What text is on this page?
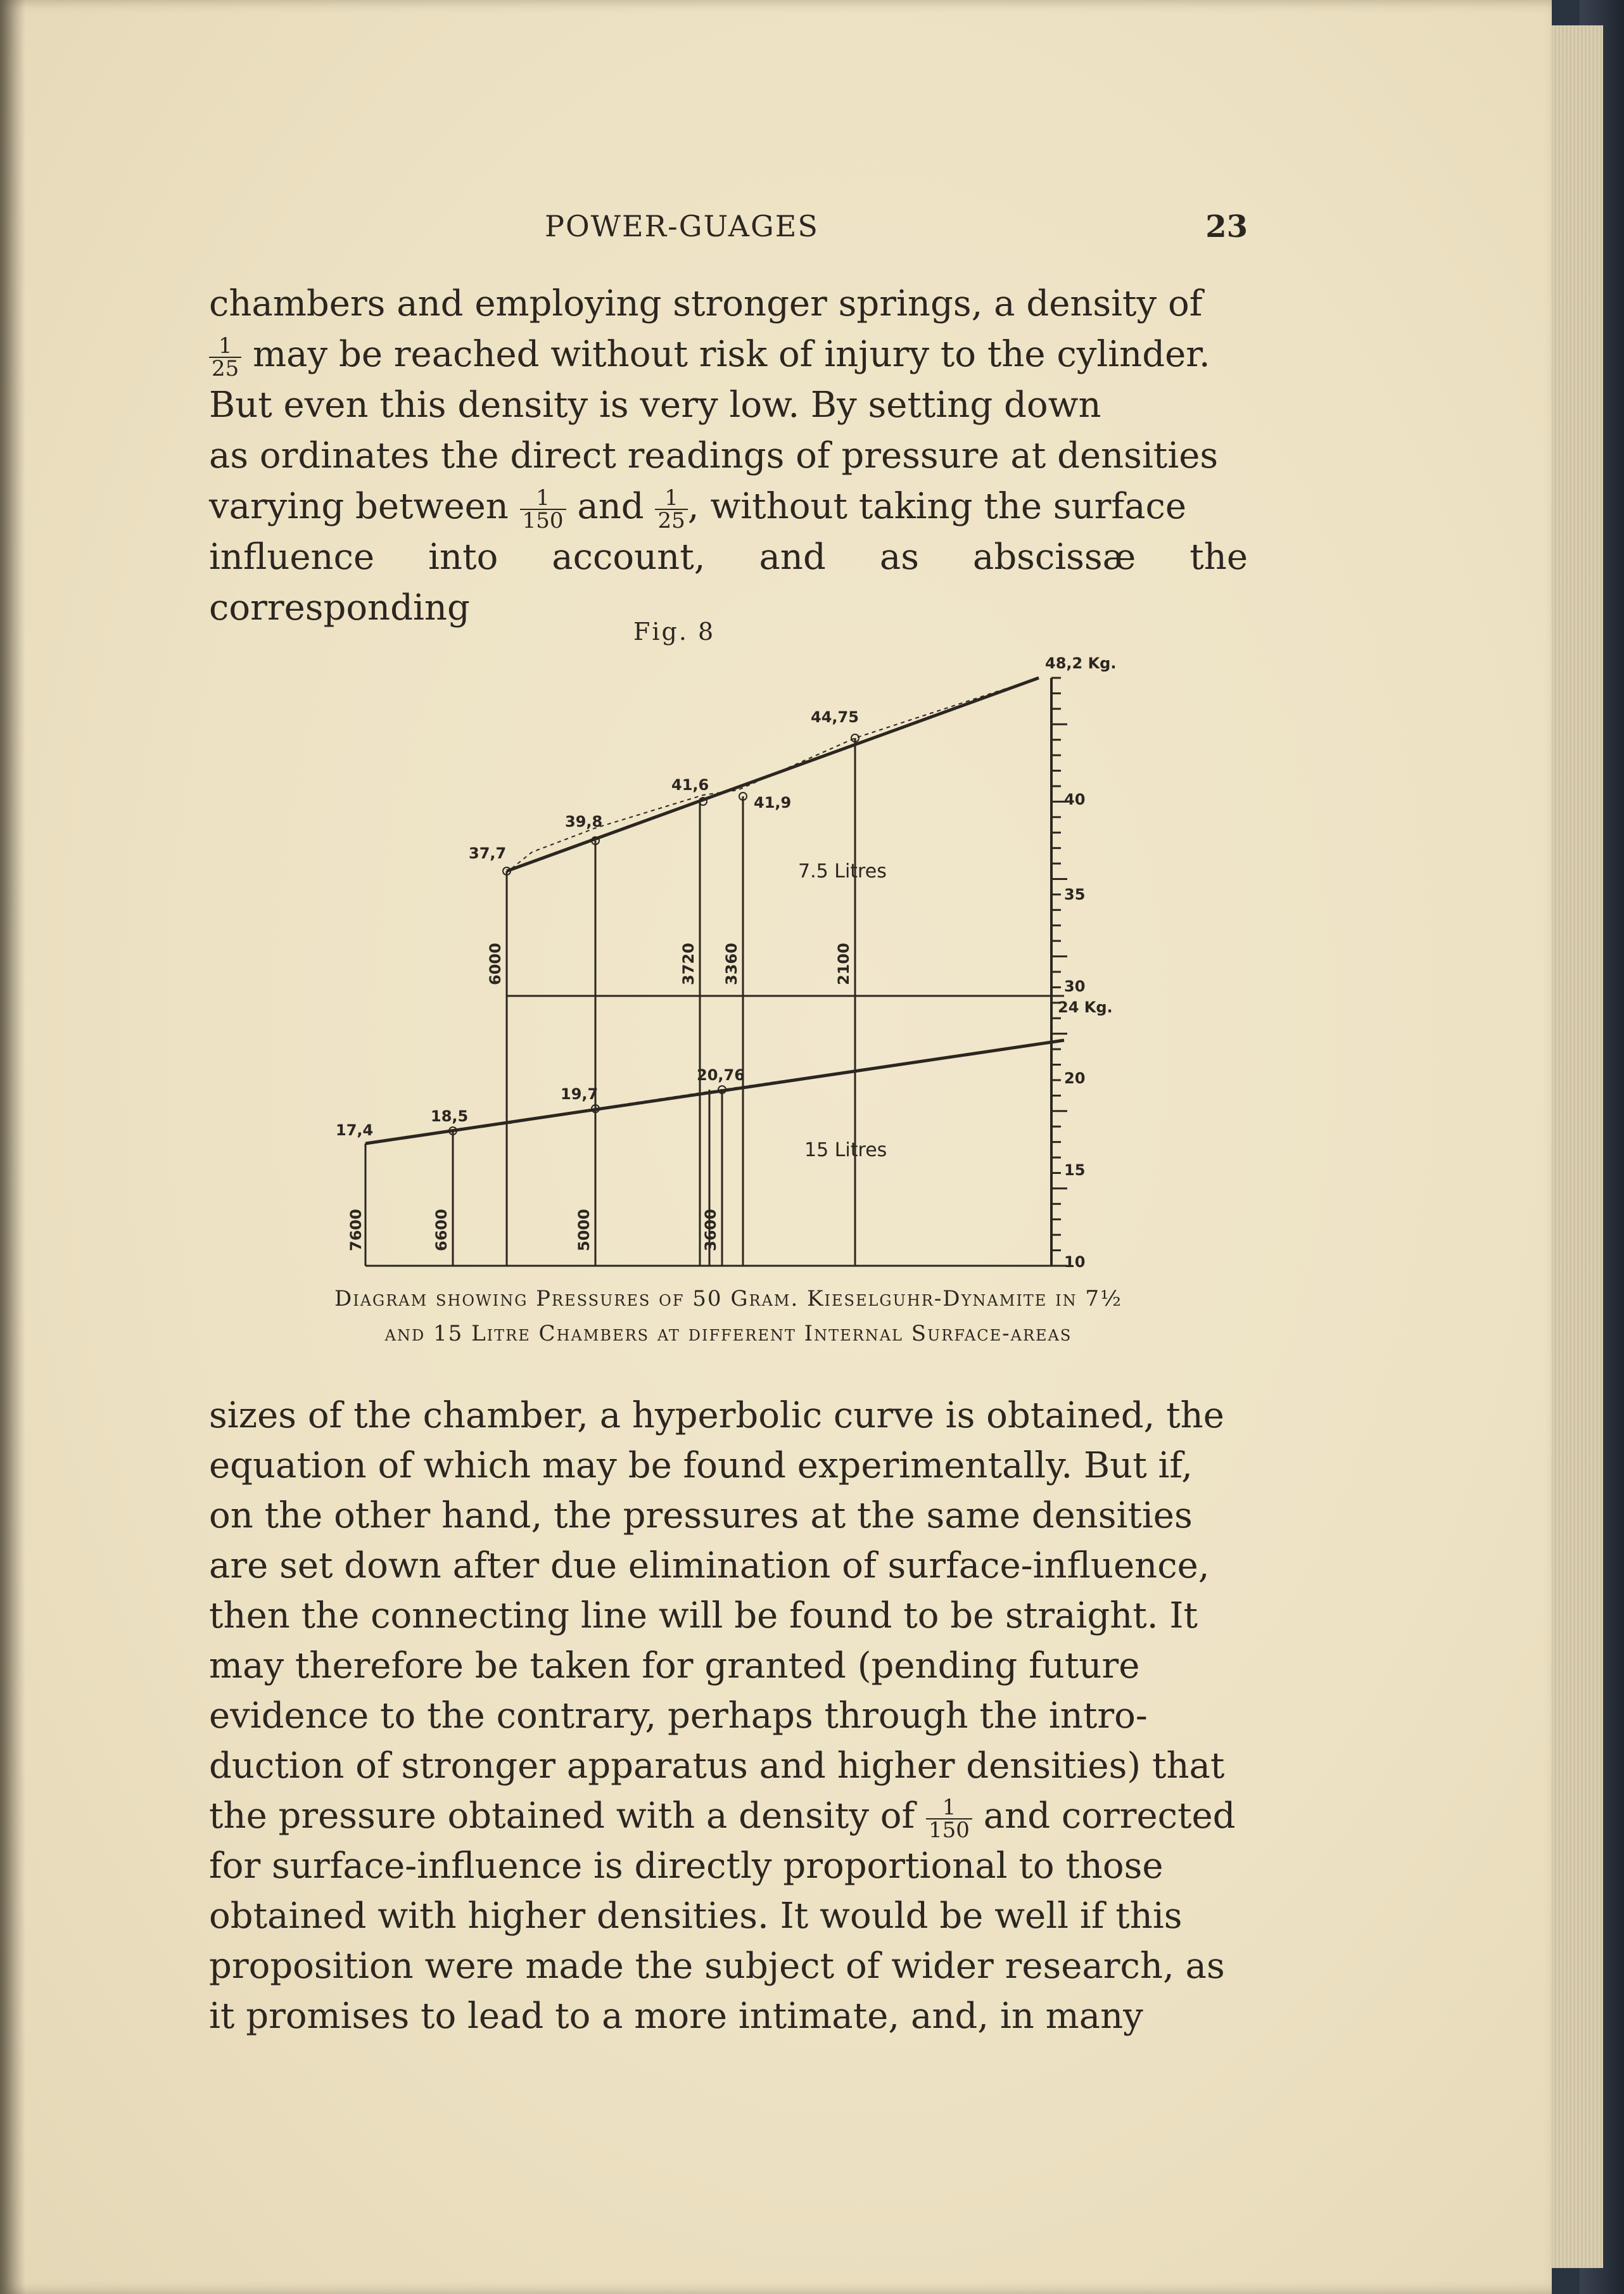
POWER-GUAGES	23

chambers and employing stronger springs, a density of

$\frac{1}{25}$ may be reached without risk of injury to the cylinder.

But even this density is very low. By setting down

as ordinates the direct readings of pressure at densities

varying between $\frac{1}{150}$ and $\frac{1}{25}$ , without taking the surface

influence into account, and as abscissæ the corresponding

Fig. 8
48,2 Kg.
44,75
41,6
41,9
39,8
37,7
24 Kg.
20,76
19,7
18,5
17,4
40
35
30
20
15
10
7.5 Litres
15 Litres
6000	3720 3360	2100
7600	6600	5000	3600
Diagram showing Pressures of 50 Gram. Kieselguhr-Dynamite in 7½
and 15 Litre Chambers at different Internal Surface-areas

sizes of the chamber, a hyperbolic curve is obtained, the

equation of which may be found experimentally. But if,

on the other hand, the pressures at the same densities

are set down after due elimination of surface-influence,

then the connecting line will be found to be straight. It

may therefore be taken for granted (pending future

evidence to the contrary, perhaps through the intro-

duction of stronger apparatus and higher densities) that

the pressure obtained with a density of $\frac{1}{150}$ and corrected

for surface-influence is directly proportional to those

obtained with higher densities. It would be well if this

proposition were made the subject of wider research, as

it promises to lead to a more intimate, and, in many
